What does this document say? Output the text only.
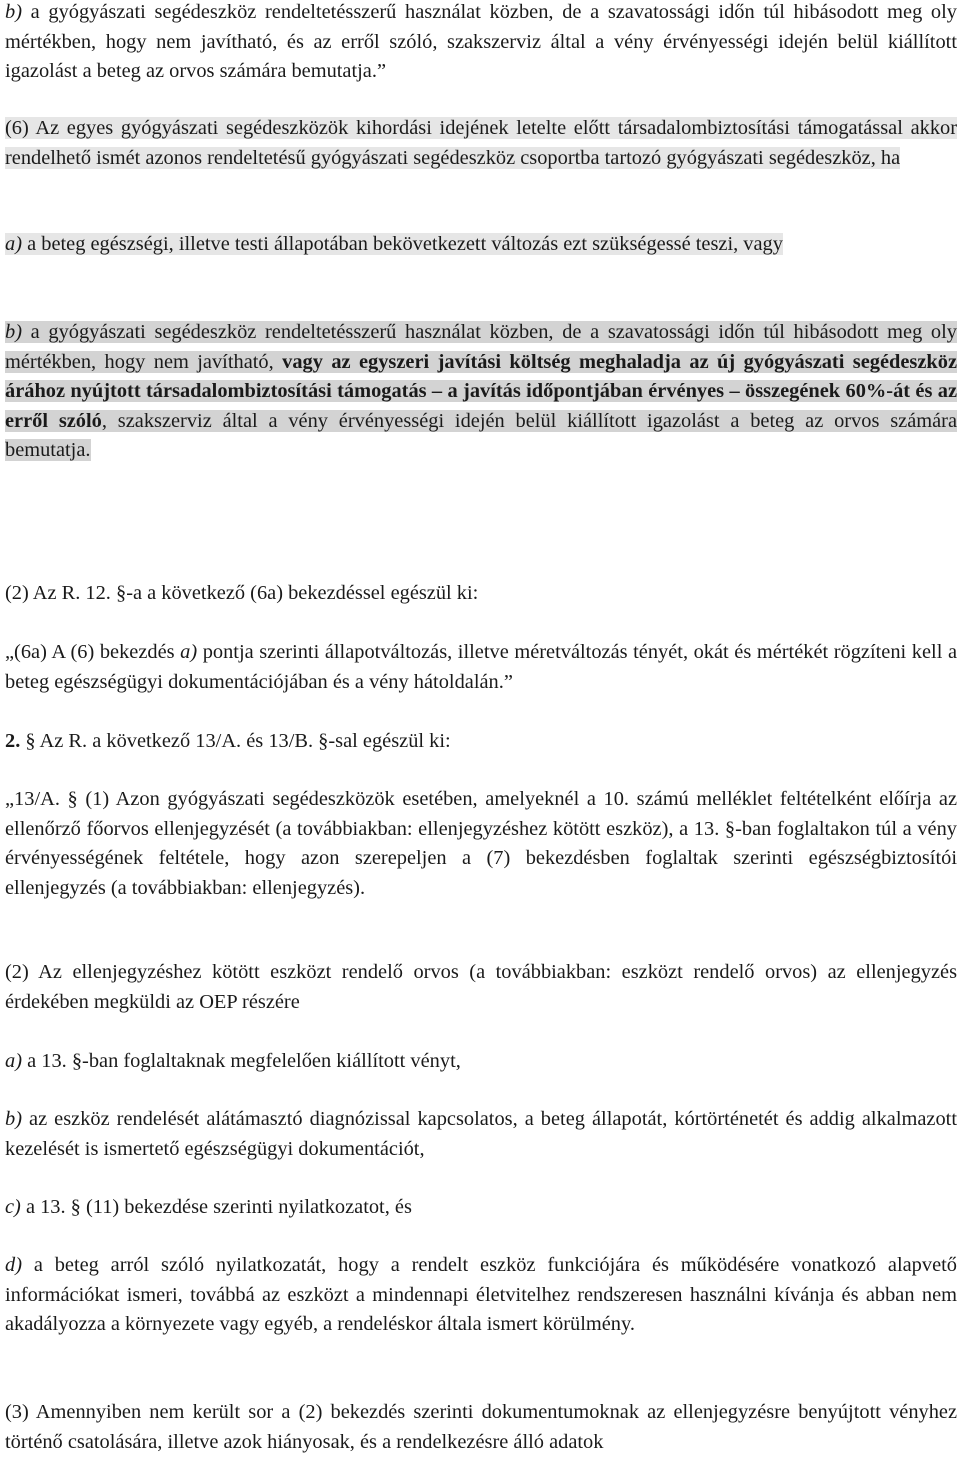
b) a gyógyászati segédeszköz rendeltetésszerű használat közben, de a szavatossági időn túl hibásodott meg oly mértékben, hogy nem javítható, és az erről szóló, szakszerviz által a vény érvényességi idején belül kiállított igazolást a beteg az orvos számára bemutatja.”

(6) Az egyes gyógyászati segédeszközök kihordási idejének letelte előtt társadalombiztosítási támogatással akkor rendelhető ismét azonos rendeltetésű gyógyászati segédeszköz csoportba tartozó gyógyászati segédeszköz, ha

a) a beteg egészségi, illetve testi állapotában bekövetkezett változás ezt szükségessé teszi, vagy

b) a gyógyászati segédeszköz rendeltetésszerű használat közben, de a szavatossági időn túl hibásodott meg oly mértékben, hogy nem javítható, vagy az egyszeri javítási költség meghaladja az új gyógyászati segédeszköz árához nyújtott társadalombiztosítási támogatás – a javítás időpontjában érvényes – összegének 60%-át és az erről szóló, szakszerviz által a vény érvényességi idején belül kiállított igazolást a beteg az orvos számára bemutatja.

(2) Az R. 12. §-a a következő (6a) bekezdéssel egészül ki:

„(6a) A (6) bekezdés a) pontja szerinti állapotváltozás, illetve méretváltozás tényét, okát és mértékét rögzíteni kell a beteg egészségügyi dokumentációjában és a vény hátoldalán.”

2. § Az R. a következő 13/A. és 13/B. §-sal egészül ki:

„13/A. § (1) Azon gyógyászati segédeszközök esetében, amelyeknél a 10. számú melléklet feltételként előírja az ellenőrző főorvos ellenjegyzését (a továbbiakban: ellenjegyzéshez kötött eszköz), a 13. §-ban foglaltakon túl a vény érvényességének feltétele, hogy azon szerepeljen a (7) bekezdésben foglaltak szerinti egészségbiztosítói ellenjegyzés (a továbbiakban: ellenjegyzés).

(2) Az ellenjegyzéshez kötött eszközt rendelő orvos (a továbbiakban: eszközt rendelő orvos) az ellenjegyzés érdekében megküldi az OEP részére

a) a 13. §-ban foglaltaknak megfelelően kiállított vényt,

b) az eszköz rendelését alátámasztó diagnózissal kapcsolatos, a beteg állapotát, kórtörténetét és addig alkalmazott kezelését is ismertető egészségügyi dokumentációt,

c) a 13. § (11) bekezdése szerinti nyilatkozatot, és

d) a beteg arról szóló nyilatkozatát, hogy a rendelt eszköz funkciójára és működésére vonatkozó alapvető információkat ismeri, továbbá az eszközt a mindennapi életvitelhez rendszeresen használni kívánja és abban nem akadályozza a környezete vagy egyéb, a rendeléskor általa ismert körülmény.

(3) Amennyiben nem került sor a (2) bekezdés szerinti dokumentumoknak az ellenjegyzésre benyújtott vényhez történő csatolására, illetve azok hiányosak, és a rendelkezésre álló adatok
